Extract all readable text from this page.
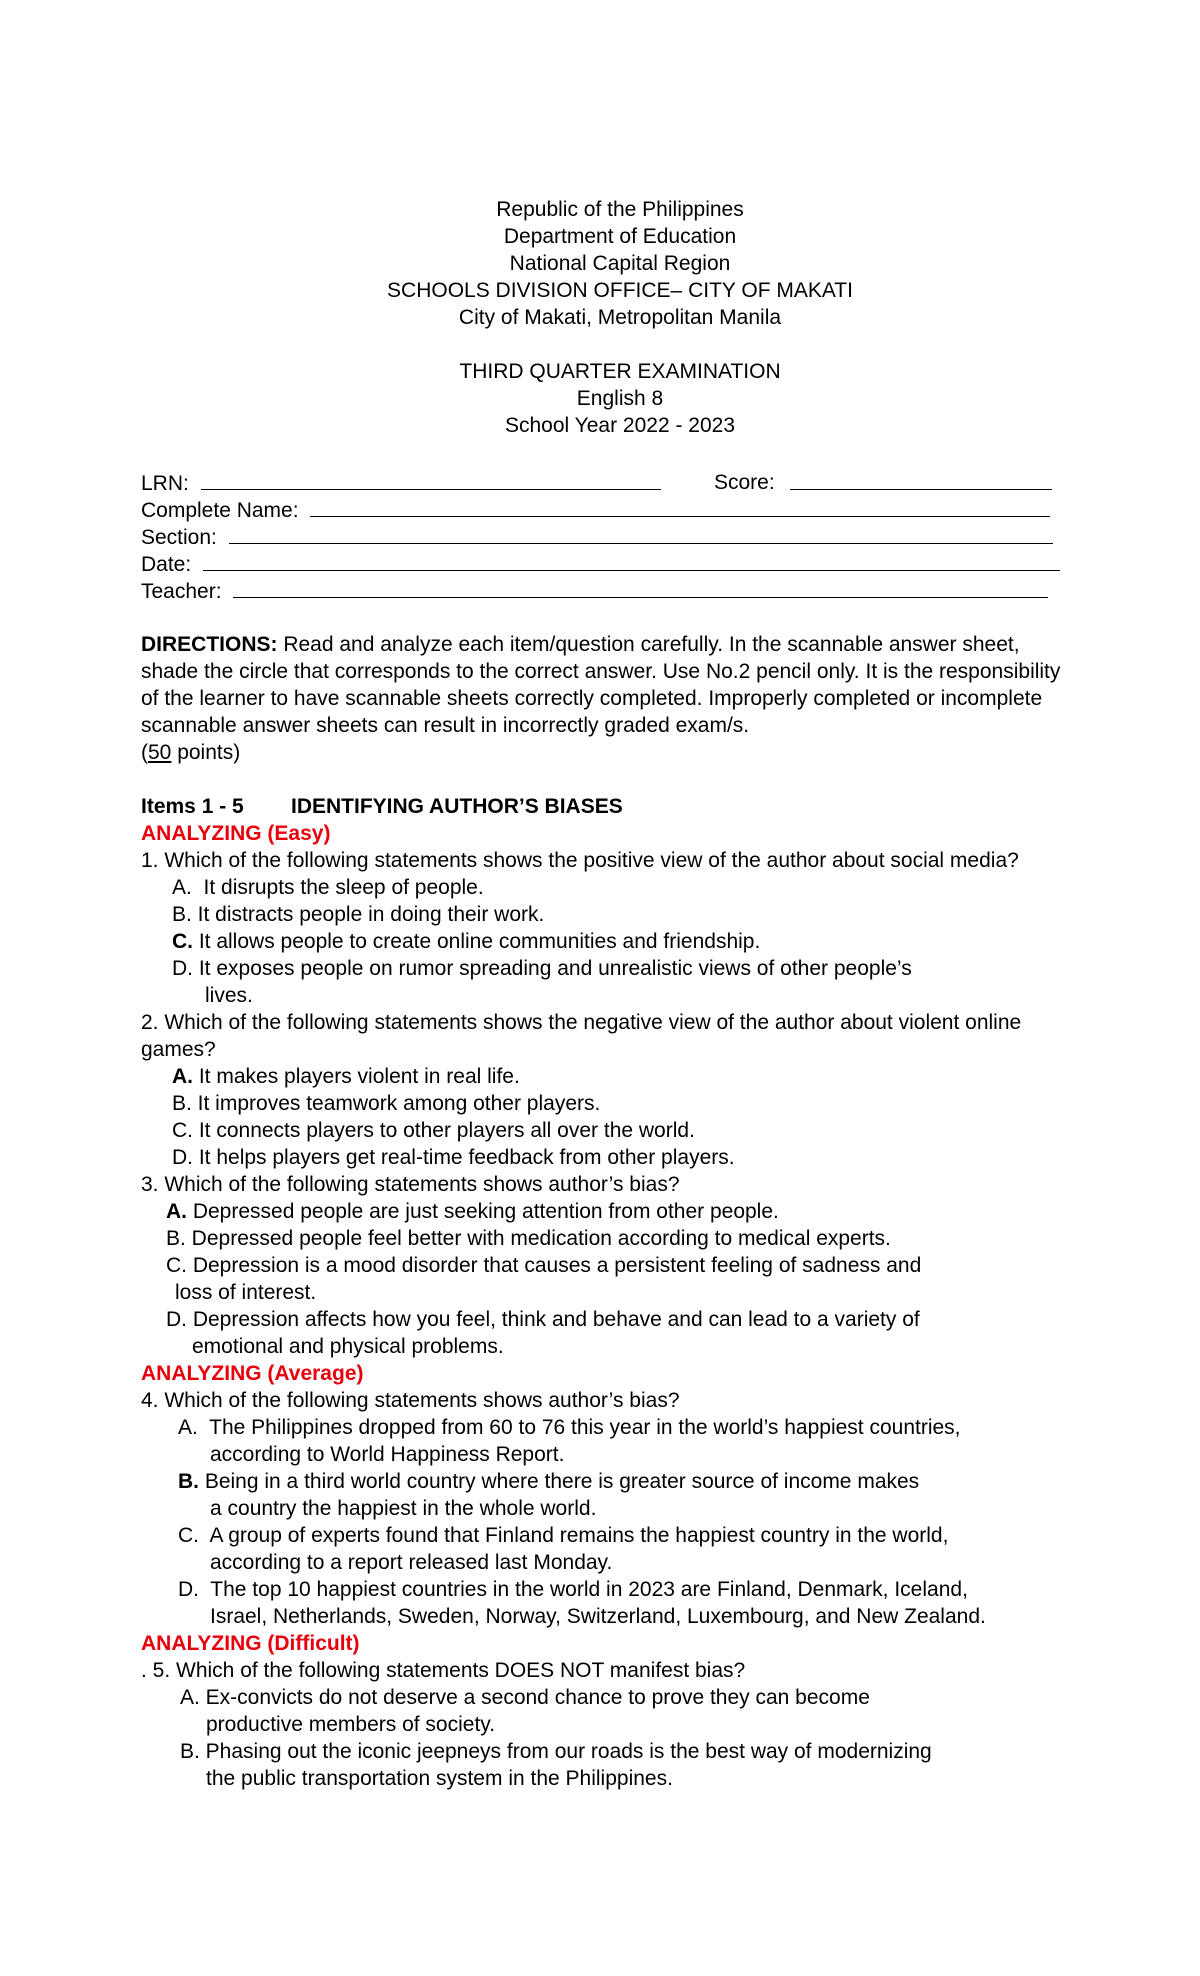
Republic of the Philippines
Department of Education
National Capital Region
SCHOOLS DIVISION OFFICE– CITY OF MAKATI
City of Makati, Metropolitan Manila
THIRD QUARTER EXAMINATION
English 8
School Year 2022 - 2023
LRN:	Score:
Complete Name:
Section:
Date:
Teacher:

DIRECTIONS: Read and analyze each item/question carefully. In the scannable answer sheet, shade the circle that corresponds to the correct answer. Use No.2 pencil only. It is the responsibility of the learner to have scannable sheets correctly completed. Improperly completed or incomplete scannable answer sheets can result in incorrectly graded exam/s.

(50 points)

Items 1 - 5 IDENTIFYING AUTHOR’S BIASES
ANALYZING (Easy)

1. Which of the following statements shows the positive view of the author about social media?

A.  It disrupts the sleep of people.
B. It distracts people in doing their work.
C. It allows people to create online communities and friendship.
D. It exposes people on rumor spreading and unrealistic views of other people’s
lives.

2. Which of the following statements shows the negative view of the author about violent online games?

A. It makes players violent in real life.
B. It improves teamwork among other players.
C. It connects players to other players all over the world.
D. It helps players get real-time feedback from other players.

3. Which of the following statements shows author’s bias?

A. Depressed people are just seeking attention from other people.
B. Depressed people feel better with medication according to medical experts.
C. Depression is a mood disorder that causes a persistent feeling of sadness and
loss of interest.
D. Depression affects how you feel, think and behave and can lead to a variety of
emotional and physical problems.
ANALYZING (Average)

4. Which of the following statements shows author’s bias?

A.  The Philippines dropped from 60 to 76 this year in the world’s happiest countries,
according to World Happiness Report.
B. Being in a third world country where there is greater source of income makes
a country the happiest in the whole world.
C.  A group of experts found that Finland remains the happiest country in the world,
according to a report released last Monday.
D.  The top 10 happiest countries in the world in 2023 are Finland, Denmark, Iceland,
Israel, Netherlands, Sweden, Norway, Switzerland, Luxembourg, and New Zealand.
ANALYZING (Difficult)

. 5. Which of the following statements DOES NOT manifest bias?

A. Ex-convicts do not deserve a second chance to prove they can become
productive members of society.
B. Phasing out the iconic jeepneys from our roads is the best way of modernizing
the public transportation system in the Philippines.
